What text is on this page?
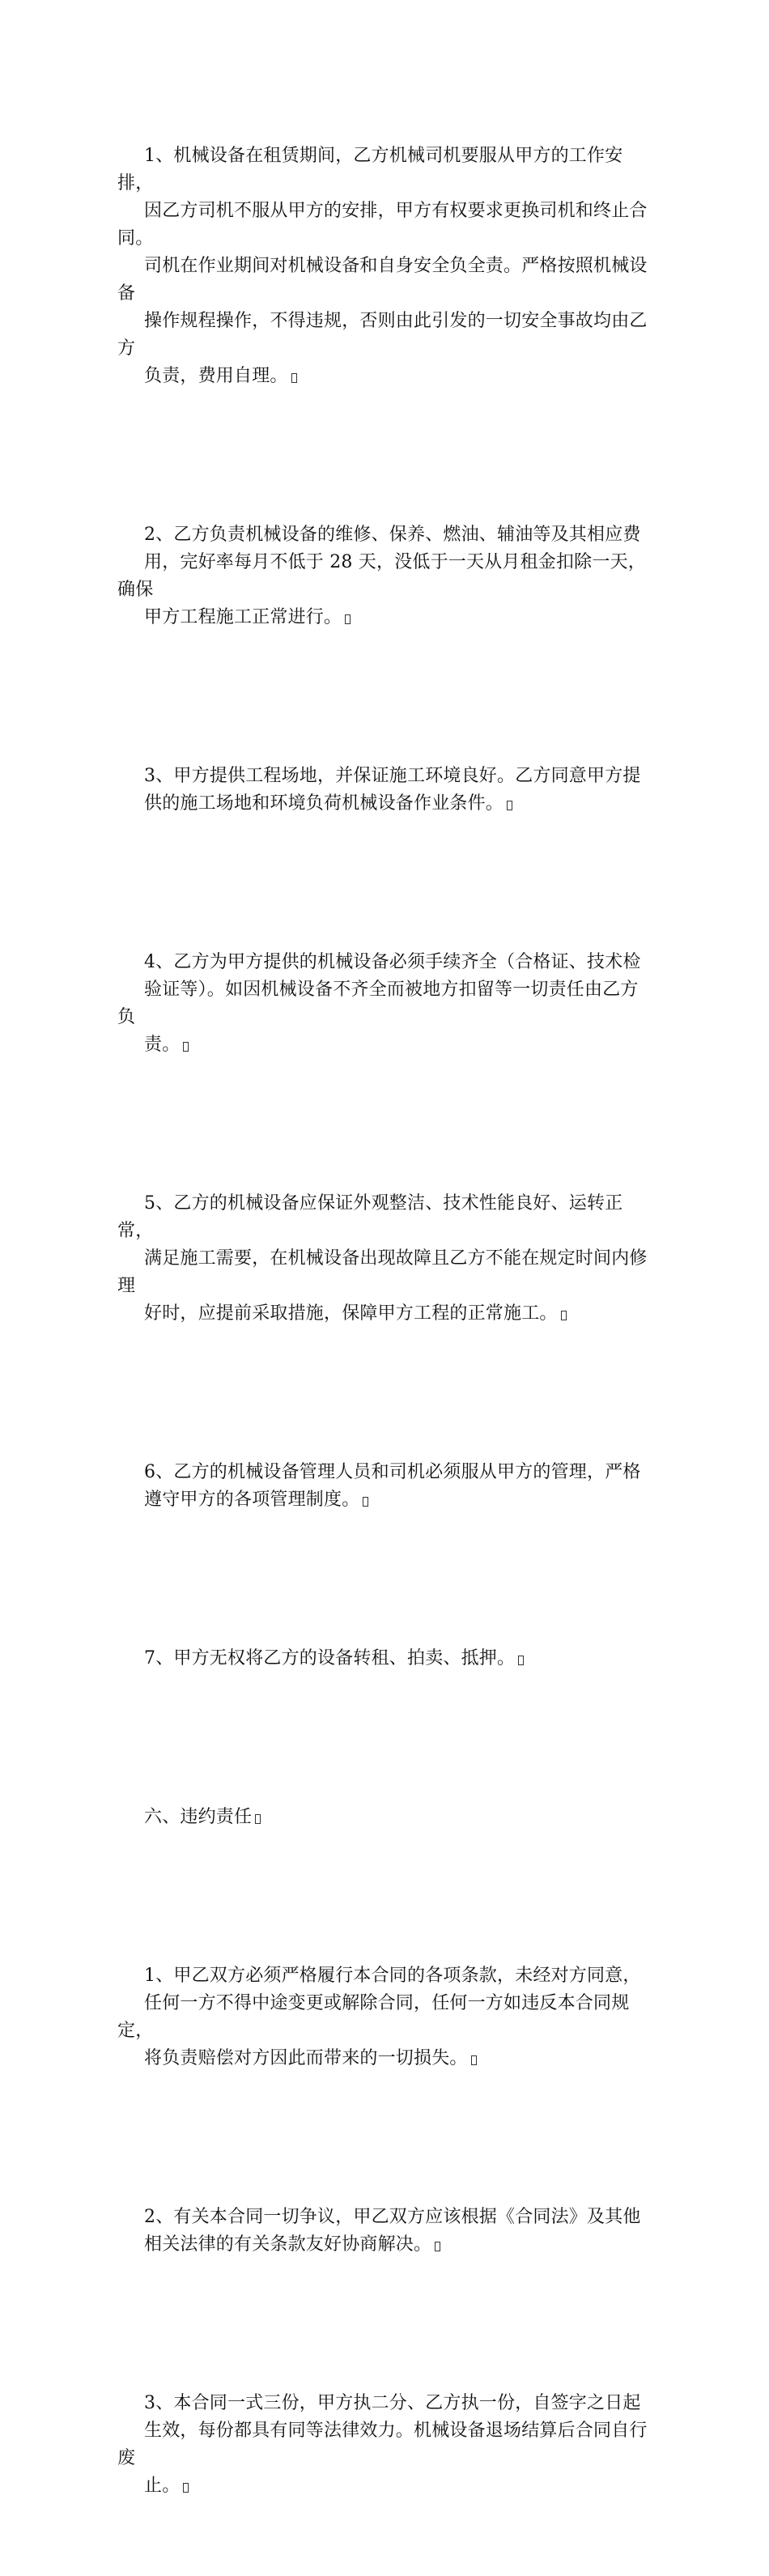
1、机械设备在租赁期间，乙方机械司机要服从甲方的工作安排，
因乙方司机不服从甲方的安排，甲方有权要求更换司机和终止合同。
司机在作业期间对机械设备和自身安全负全责。严格按照机械设备
操作规程操作，不得违规，否则由此引发的一切安全事故均由乙方
负责，费用自理。

2、乙方负责机械设备的维修、保养、燃油、辅油等及其相应费
用，完好率每月不低于 28 天，没低于一天从月租金扣除一天，确保
甲方工程施工正常进行。

3、甲方提供工程场地，并保证施工环境良好。乙方同意甲方提
供的施工场地和环境负荷机械设备作业条件。

4、乙方为甲方提供的机械设备必须手续齐全（合格证、技术检
验证等）。如因机械设备不齐全而被地方扣留等一切责任由乙方负
责。

5、乙方的机械设备应保证外观整洁、技术性能良好、运转正常，
满足施工需要，在机械设备出现故障且乙方不能在规定时间内修理
好时，应提前采取措施，保障甲方工程的正常施工。

6、乙方的机械设备管理人员和司机必须服从甲方的管理，严格
遵守甲方的各项管理制度。

7、甲方无权将乙方的设备转租、拍卖、抵押。

六、违约责任

1、甲乙双方必须严格履行本合同的各项条款，未经对方同意，
任何一方不得中途变更或解除合同，任何一方如违反本合同规定，
将负责赔偿对方因此而带来的一切损失。

2、有关本合同一切争议，甲乙双方应该根据《合同法》及其他
相关法律的有关条款友好协商解决。

3、本合同一式三份，甲方执二分、乙方执一份，自签字之日起
生效，每份都具有同等法律效力。机械设备退场结算后合同自行废
止。
